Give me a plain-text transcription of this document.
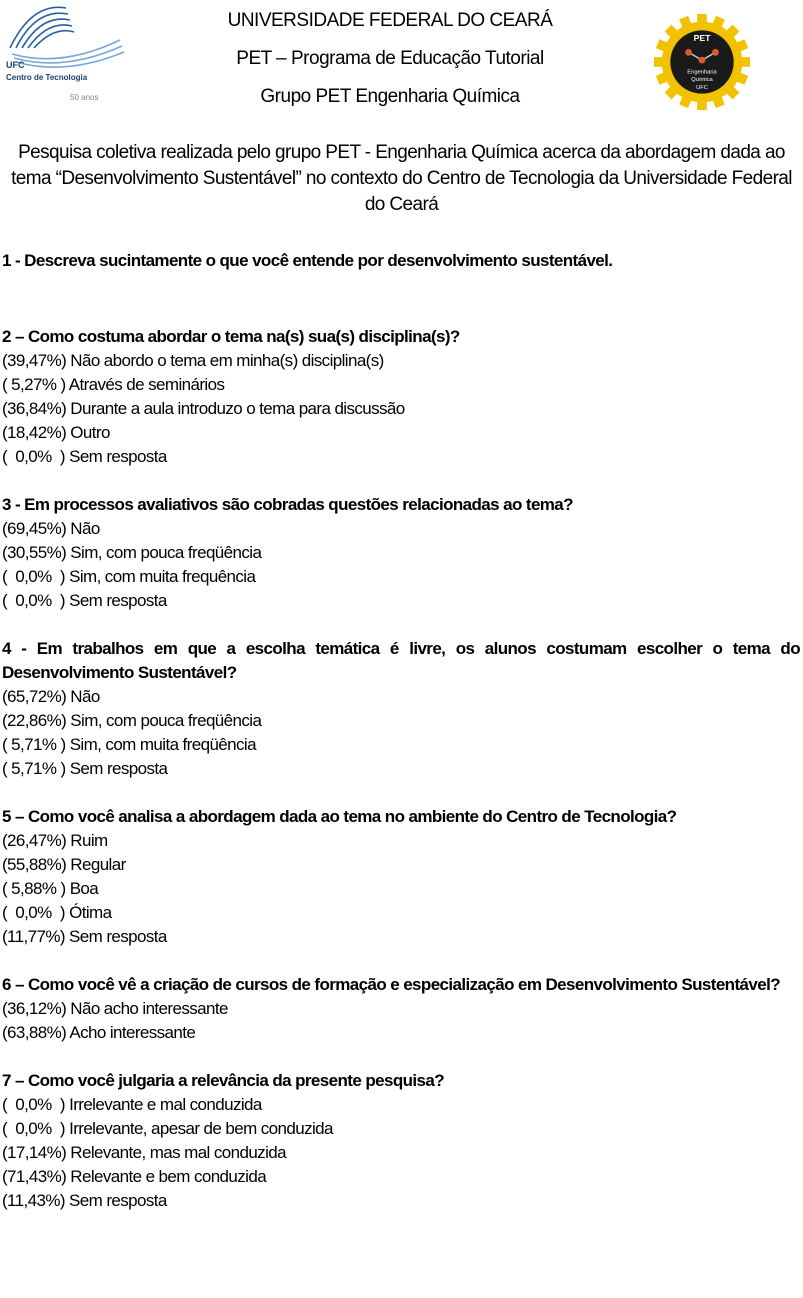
UFC
Centro de Tecnologia
50 anos
UNIVERSIDADE FEDERAL DO CEARÁ
PET – Programa de Educação Tutorial
Grupo PET Engenharia Química
PET
Engenharia
Química
UFC
Pesquisa coletiva realizada pelo grupo PET - Engenharia Química acerca da abordagem dada ao tema “Desenvolvimento Sustentável” no contexto do Centro de Tecnologia da Universidade Federal do Ceará
1 - Descreva sucintamente o que você entende por desenvolvimento sustentável.
2 – Como costuma abordar o tema na(s) sua(s) disciplina(s)?
(39,47%) Não abordo o tema em minha(s) disciplina(s)
( 5,27% ) Através de seminários
(36,84%) Durante a aula introduzo o tema para discussão
(18,42%) Outro
(  0,0%  ) Sem resposta
3 - Em processos avaliativos são cobradas questões relacionadas ao tema?
(69,45%) Não
(30,55%) Sim, com pouca freqüência
(  0,0%  ) Sim, com muita frequência
(  0,0%  ) Sem resposta
4 - Em trabalhos em que a escolha temática é livre, os alunos costumam escolher o tema do Desenvolvimento Sustentável?
(65,72%) Não
(22,86%) Sim, com pouca freqüência
( 5,71% ) Sim, com muita freqüência
( 5,71% ) Sem resposta
5 – Como você analisa a abordagem dada ao tema no ambiente do Centro de Tecnologia?
(26,47%) Ruim
(55,88%) Regular
( 5,88% ) Boa
(  0,0%  ) Ótima
(11,77%) Sem resposta
6 – Como você vê a criação de cursos de formação e especialização em Desenvolvimento Sustentável?
(36,12%) Não acho interessante
(63,88%) Acho interessante
7 – Como você julgaria a relevância da presente pesquisa?
(  0,0%  ) Irrelevante e mal conduzida
(  0,0%  ) Irrelevante, apesar de bem conduzida
(17,14%) Relevante, mas mal conduzida
(71,43%) Relevante e bem conduzida
(11,43%) Sem resposta
